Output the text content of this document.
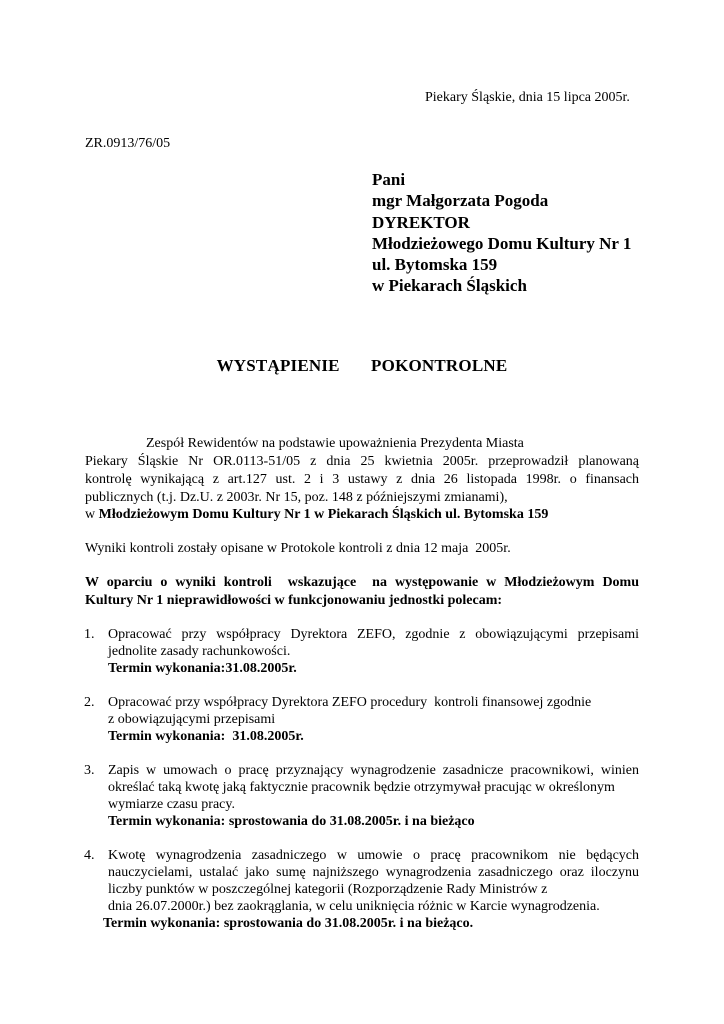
Piekary Śląskie, dnia 15 lipca 2005r.
ZR.0913/76/05
Pani
mgr Małgorzata Pogoda
DYREKTOR
Młodzieżowego Domu Kultury Nr 1
ul. Bytomska 159
w Piekarach Śląskich
WYSTĄPIENIE   POKONTROLNE
Zespół Rewidentów na podstawie upoważnienia Prezydenta Miasta
Piekary Śląskie Nr OR.0113-51/05 z dnia 25 kwietnia 2005r. przeprowadził planowaną
kontrolę wynikającą z art.127 ust. 2 i 3 ustawy z dnia 26 listopada 1998r. o finansach
publicznych (t.j. Dz.U. z 2003r. Nr 15, poz. 148 z późniejszymi zmianami),
w Młodzieżowym Domu Kultury Nr 1 w Piekarach Śląskich ul. Bytomska 159
Wyniki kontroli zostały opisane w Protokole kontroli z dnia 12 maja  2005r.
W oparciu o wyniki kontroli  wskazujące  na występowanie w Młodzieżowym Domu
Kultury Nr 1 nieprawidłowości w funkcjonowaniu jednostki polecam:
1. Opracować przy współpracy Dyrektora ZEFO, zgodnie z obowiązującymi przepisami
jednolite zasady rachunkowości.
Termin wykonania:31.08.2005r.
2. Opracować przy współpracy Dyrektora ZEFO procedury  kontroli finansowej zgodnie
z obowiązującymi przepisami
Termin wykonania:  31.08.2005r.
3. Zapis w umowach o pracę przyznający wynagrodzenie zasadnicze pracownikowi, winien
określać taką kwotę jaką faktycznie pracownik będzie otrzymywał pracując w określonym
wymiarze czasu pracy.
Termin wykonania: sprostowania do 31.08.2005r. i na bieżąco
4. Kwotę wynagrodzenia zasadniczego w umowie o pracę pracownikom nie będących
nauczycielami, ustalać jako sumę najniższego wynagrodzenia zasadniczego oraz iloczynu
liczby punktów w poszczególnej kategorii (Rozporządzenie Rady Ministrów z
dnia 26.07.2000r.) bez zaokrąglania, w celu uniknięcia różnic w Karcie wynagrodzenia.
Termin wykonania: sprostowania do 31.08.2005r. i na bieżąco.
